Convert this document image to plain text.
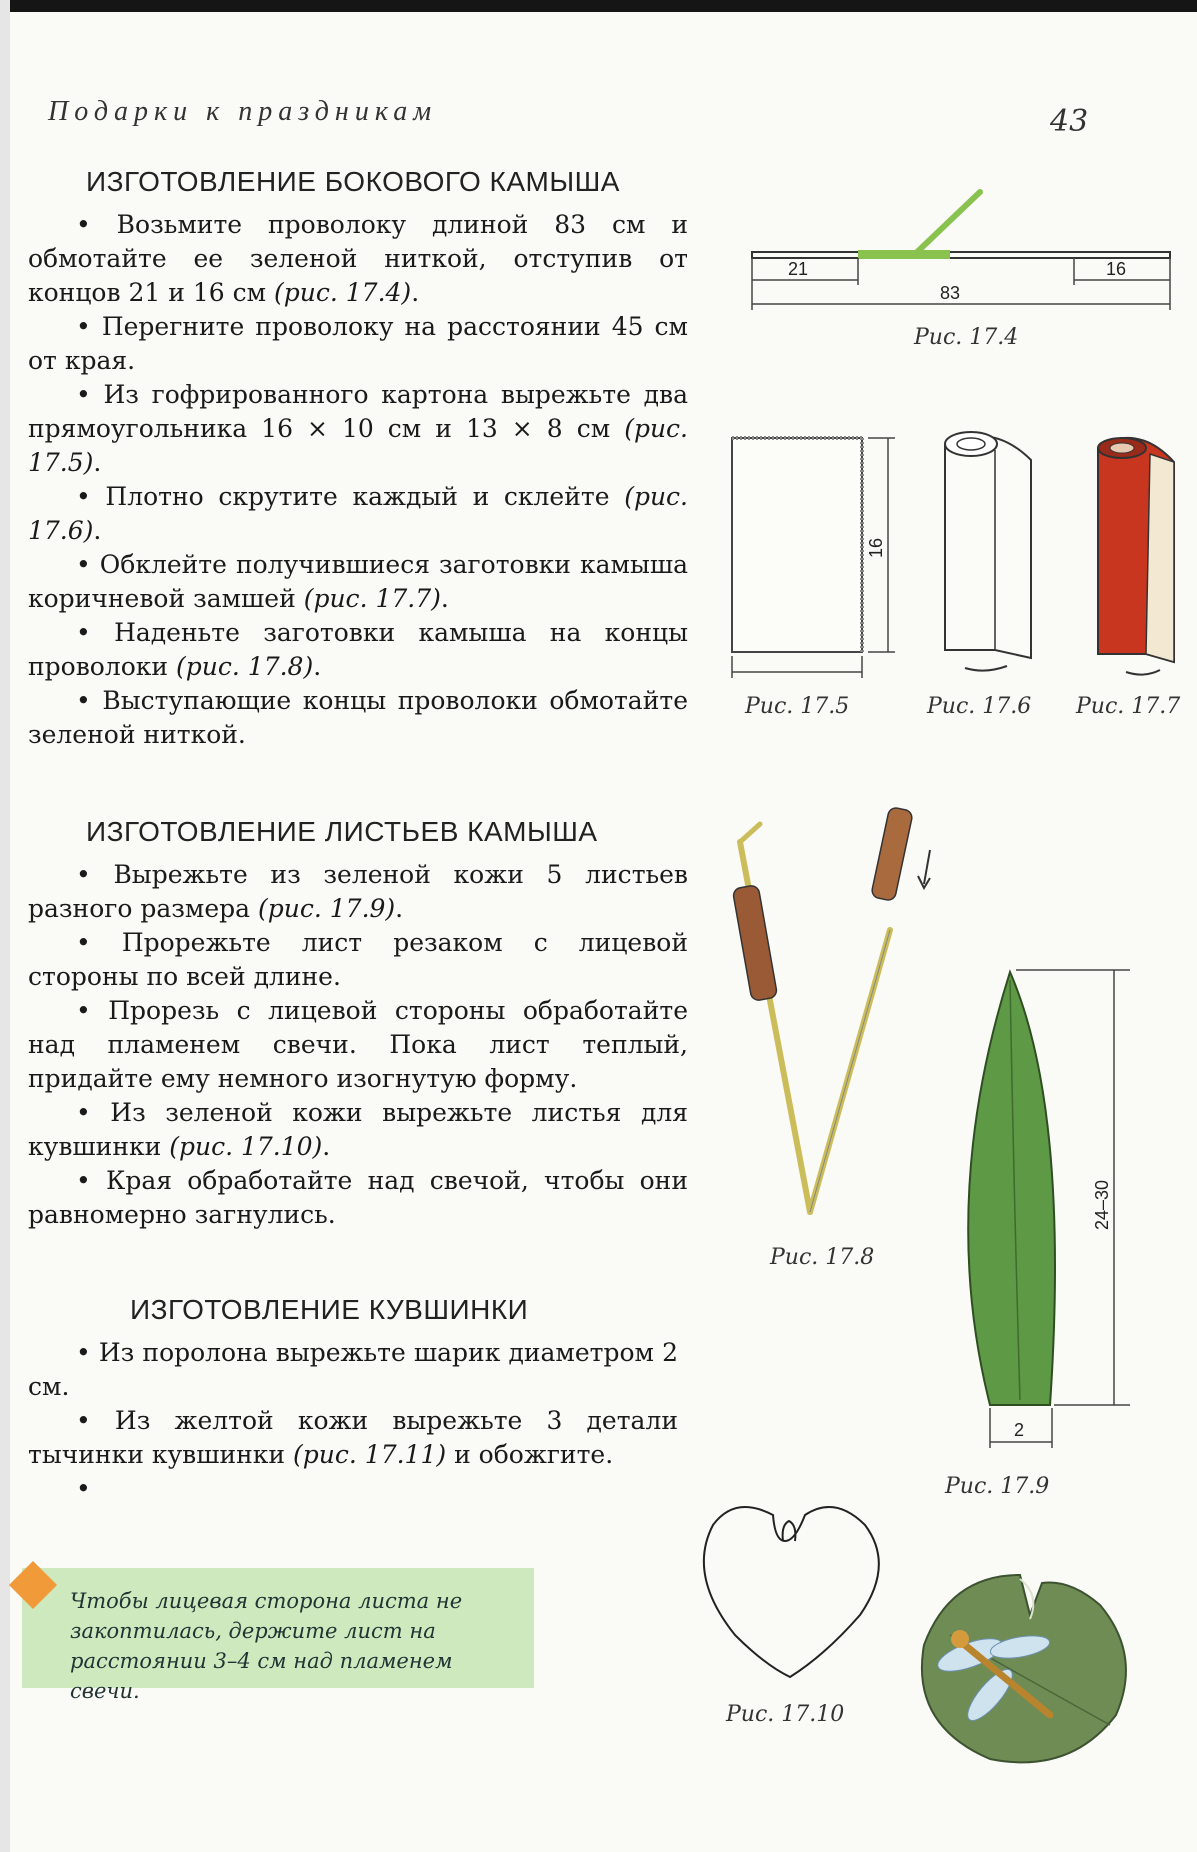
Подарки к праздникам	43
ИЗГОТОВЛЕНИЕ БОКОВОГО КАМЫША

• Возьмите проволоку длиной 83 см и обмотайте ее зеленой ниткой, отступив от концов 21 и 16 см (рис. 17.4).

• Перегните проволоку на расстоянии 45 см от края.

• Из гофрированного картона вырежьте два прямоугольника 16 × 10 см и 13 × 8 см (рис. 17.5).

• Плотно скрутите каждый и склейте (рис. 17.6).

• Обклейте получившиеся заготовки камыша коричневой замшей (рис. 17.7).

• Наденьте заготовки камыша на концы проволоки (рис. 17.8).

• Выступающие концы проволоки обмотайте зеленой ниткой.

ИЗГОТОВЛЕНИЕ ЛИСТЬЕВ КАМЫША

• Вырежьте из зеленой кожи 5 листьев разного размера (рис. 17.9).

• Прорежьте лист резаком с лицевой стороны по всей длине.

• Прорезь с лицевой стороны обработайте над пламенем свечи. Пока лист теплый, придайте ему немного изогнутую форму.

• Из зеленой кожи вырежьте листья для кувшинки (рис. 17.10).

• Края обработайте над свечой, чтобы они равномерно загнулись.

ИЗГОТОВЛЕНИЕ КУВШИНКИ

• Из поролона вырежьте шарик диаметром 2 см.

• Из желтой кожи вырежьте 3 детали тычинки кувшинки (рис. 17.11) и обожгите.

•

Чтобы лицевая сторона листа не закоптилась, держите лист на расстоянии 3–4 см над пламенем свечи.
21
83
16
Рис. 17.4
16
Рис. 17.5	Рис. 17.6 Рис. 17.7
Рис. 17.8
24–30
2
Рис. 17.9
Рис. 17.10
